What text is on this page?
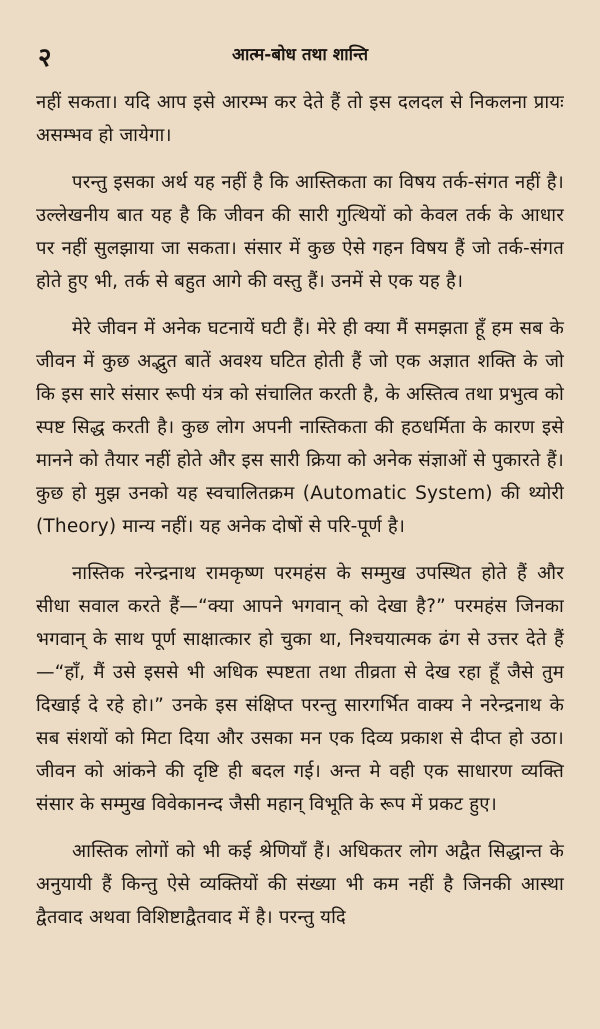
२	आत्म-बोध तथा शान्ति

नहीं सकता। यदि आप इसे आरम्भ कर देते हैं तो इस दलदल से निकलना प्रायः असम्भव हो जायेगा।

परन्तु इसका अर्थ यह नहीं है कि आस्तिकता का विषय तर्क-संगत नहीं है। उल्लेखनीय बात यह है कि जीवन की सारी गुत्थियों को केवल तर्क के आधार पर नहीं सुलझाया जा सकता। संसार में कुछ ऐसे गहन विषय हैं जो तर्क-संगत होते हुए भी, तर्क से बहुत आगे की वस्तु हैं। उनमें से एक यह है।

मेरे जीवन में अनेक घटनायें घटी हैं। मेरे ही क्या मैं समझता हूँ हम सब के जीवन में कुछ अद्भुत बातें अवश्य घटित होती हैं जो एक अज्ञात शक्ति के जो कि इस सारे संसार रूपी यंत्र को संचालित करती है, के अस्तित्व तथा प्रभुत्व को स्पष्ट सिद्ध करती है। कुछ लोग अपनी नास्तिकता की हठधर्मिता के कारण इसे मानने को तैयार नहीं होते और इस सारी क्रिया को अनेक संज्ञाओं से पुकारते हैं। कुछ हो मुझ उनको यह स्वचालितक्रम (Automatic System) की थ्योरी (Theory) मान्य नहीं। यह अनेक दोषों से परि-पूर्ण है।

नास्तिक नरेन्द्रनाथ रामकृष्ण परमहंस के सम्मुख उपस्थित होते हैं और सीधा सवाल करते हैं—“क्या आपने भगवान् को देखा है?” परमहंस जिनका भगवान् के साथ पूर्ण साक्षात्कार हो चुका था, निश्चयात्मक ढंग से उत्तर देते हैं—“हाँ, मैं उसे इससे भी अधिक स्पष्टता तथा तीव्रता से देख रहा हूँ जैसे तुम दिखाई दे रहे हो।” उनके इस संक्षिप्त परन्तु सारगर्भित वाक्य ने नरेन्द्रनाथ के सब संशयों को मिटा दिया और उसका मन एक दिव्य प्रकाश से दीप्त हो उठा। जीवन को आंकने की दृष्टि ही बदल गई। अन्त मे वही एक साधारण व्यक्ति संसार के सम्मुख विवेकानन्द जैसी महान् विभूति के रूप में प्रकट हुए।

आस्तिक लोगों को भी कई श्रेणियाँ हैं। अधिकतर लोग अद्वैत सिद्धान्त के अनुयायी हैं किन्तु ऐसे व्यक्तियों की संख्या भी कम नहीं है जिनकी आस्था द्वैतवाद अथवा विशिष्टाद्वैतवाद में है। परन्तु यदि
